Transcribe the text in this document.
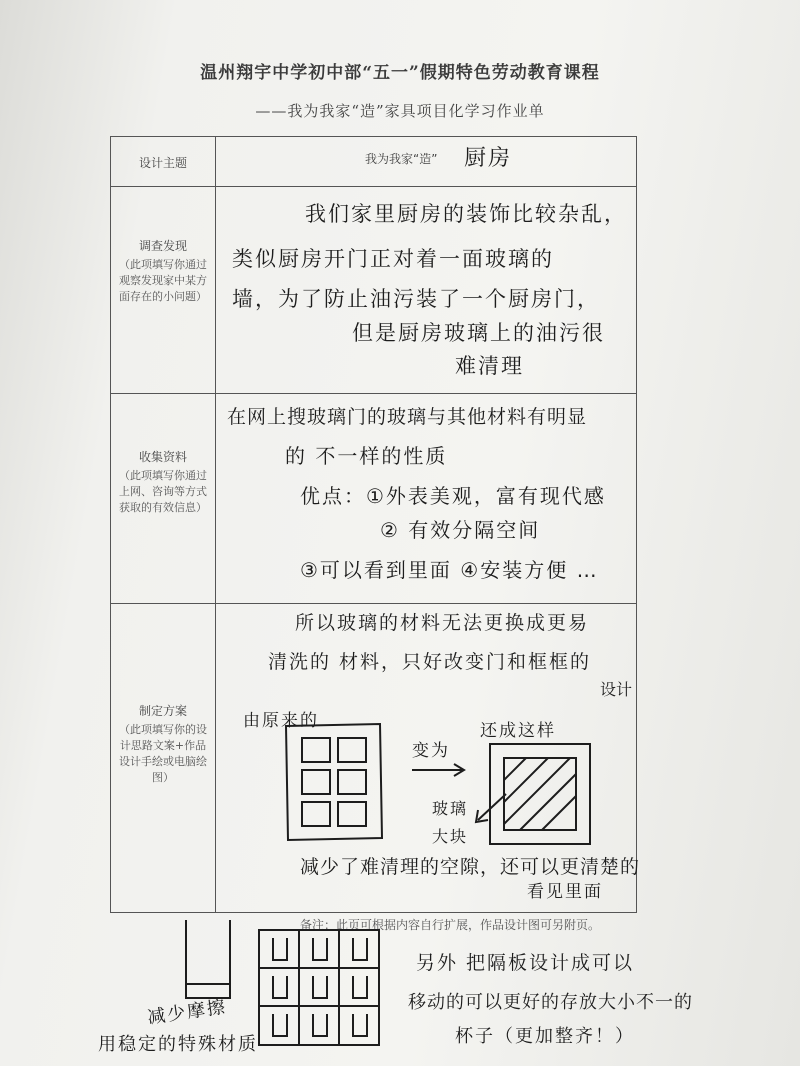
温州翔宇中学初中部“五一”假期特色劳动教育课程
——我为我家“造”家具项目化学习作业单
设计主题
调查发现
（此项填写你通过观察发现家中某方面存在的小问题）
收集资料
（此项填写你通过上网、咨询等方式获取的有效信息）
制定方案
（此项填写你的设计思路文案+作品设计手绘或电脑绘图）
我为我家“造” 厨房
我们家里厨房的装饰比较杂乱，
类似厨房开门正对着一面玻璃的
墙，为了防止油污装了一个厨房门，
但是厨房玻璃上的油污很
难清理
在网上搜玻璃门的玻璃与其他材料有明显
的 不一样的性质
优点：①外表美观，富有现代感
② 有效分隔空间
③可以看到里面 ④安装方便 …
所以玻璃的材料无法更换成更易
清洗的 材料，只好改变门和框框的
设计
由原来的
变为
还成这样
玻璃
大块
减少了难清理的空隙，还可以更清楚的
看见里面
备注：此页可根据内容自行扩展，作品设计图可另附页。
减少摩擦
用稳定的特殊材质
另外 把隔板设计成可以
移动的可以更好的存放大小不一的
杯子（更加整齐！）
